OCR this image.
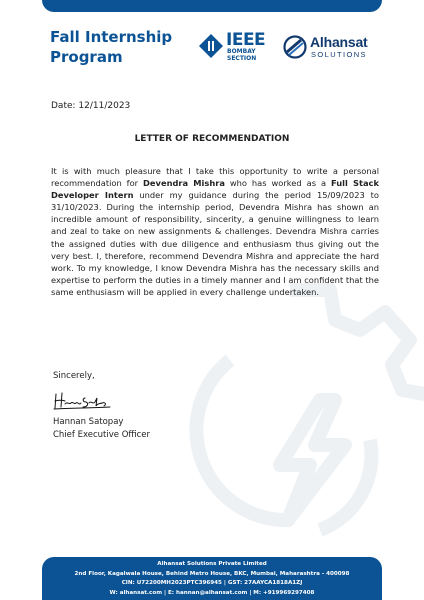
Fall Internship
Program
IEEE
BOMBAY
SECTION
Alhansat
SOLUTIONS
Date: 12/11/2023
LETTER OF RECOMMENDATION

It is with much pleasure that I take this opportunity to write a personal recommendation for Devendra Mishra who has worked as a Full Stack Developer Intern under my guidance during the period 15/09/2023 to 31/10/2023. During the internship period, Devendra Mishra has shown an incredible amount of responsibility, sincerity, a genuine willingness to learn and zeal to take on new assignments & challenges. Devendra Mishra carries the assigned duties with due diligence and enthusiasm thus giving out the very best. I, therefore, recommend Devendra Mishra and appreciate the hard work. To my knowledge, I know Devendra Mishra has the necessary skills and expertise to perform the duties in a timely manner and I am confident that the same enthusiasm will be applied in every challenge undertaken.

Sincerely,
Hannan Satopay
Chief Executive Officer
Alhansat Solutions Private Limited
2nd Floor, Kagalwala House, Behind Metro House, BKC, Mumbai, Maharashtra - 400098
CIN: U72200MH2023PTC396945 | GST: 27AAYCA1818A1ZJ
W: alhansat.com | E: hannan@alhansat.com | M: +919969297408
